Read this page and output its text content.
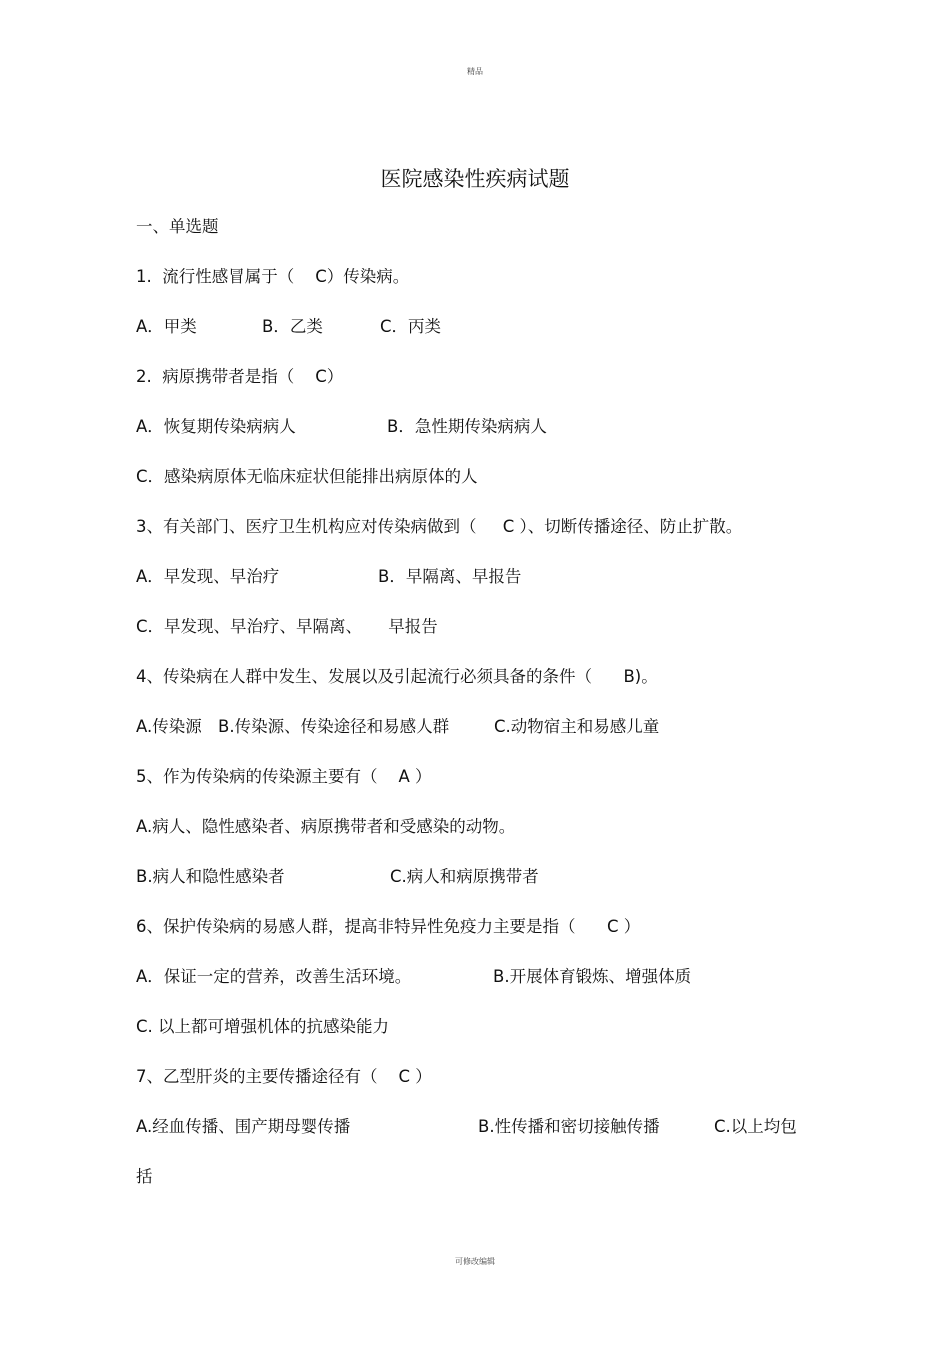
精品
医院感染性疾病试题
一、单选题
1.  流行性感冒属于（    C）传染病。

A．甲类

	B．乙类

	C．丙类

2.  病原携带者是指（    C）

A．恢复期传染病病人

	B．急性期传染病病人

C．感染病原体无临床症状但能排出病原体的人
3、有关部门、医疗卫生机构应对传染病做到（     C ）、切断传播途径、防止扩散。

A．早发现、早治疗

	B．早隔离、早报告

C．早发现、早治疗、早隔离、     早报告
4、传染病在人群中发生、发展以及引起流行必须具备的条件（      B)。

A.传染源

B.传染源、传染途径和易感人群

	C.动物宿主和易感儿童

5、作为传染病的传染源主要有（    A ）
A.病人、隐性感染者、病原携带者和受感染的动物。

B.病人和隐性感染者

	C.病人和病原携带者

6、保护传染病的易感人群，提高非特异性免疫力主要是指（      C ）

A．保证一定的营养，改善生活环境。

	B.开展体育锻炼、增强体质

C. 以上都可增强机体的抗感染能力
7、乙型肝炎的主要传播途径有（    C ）

A.经血传播、围产期母婴传播

	B.性传播和密切接触传播

	C.以上均包

括
可修改编辑
